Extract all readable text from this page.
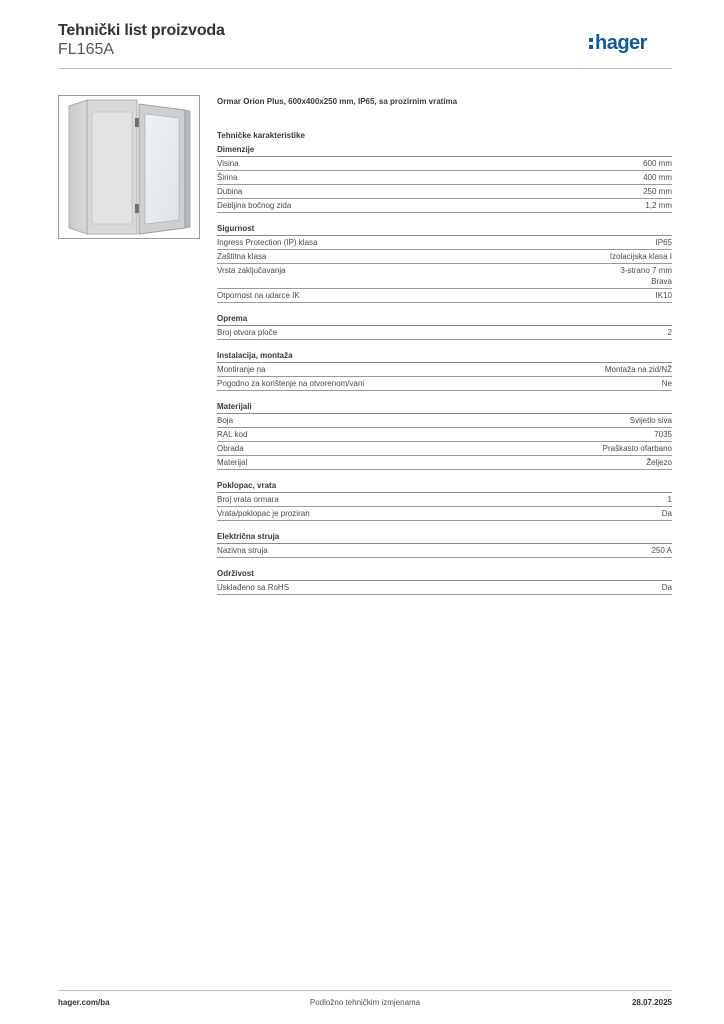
Tehnički list proizvoda
FL165A	hager
Ormar Orion Plus, 600x400x250 mm, IP65, sa prozirnim vratima
Tehničke karakteristike
Dimenzije
Visina	600 mm
Širina	400 mm
Dubina	250 mm
Debljina bočnog zida	1,2 mm
Sigurnost
Ingress Protection (IP) klasa	IP65
Zaštitna klasa	Izolacijska klasa I
Vrsta zaključavanja	3-strano 7 mm
Brava
Otpornost na udarce IK	IK10
Oprema
Broj otvora ploče	2
Instalacija, montaža
Montiranje na	Montaža na zid/NŽ
Pogodno za korištenje na otvorenom/vani	Ne
Materijali
Boja	Svijetlo siva
RAL kod	7035
Obrada	Praškasto ofarbano
Materijal	Željezo
Poklopac, vrata
Broj vrata ormara	1
Vrata/poklopac je proziran	Da
Električna struja
Nazivna struja	250 A
Održivost
Usklađeno sa RoHS	Da
hager.com/ba	Podložno tehničkim izmjenama	28.07.2025
